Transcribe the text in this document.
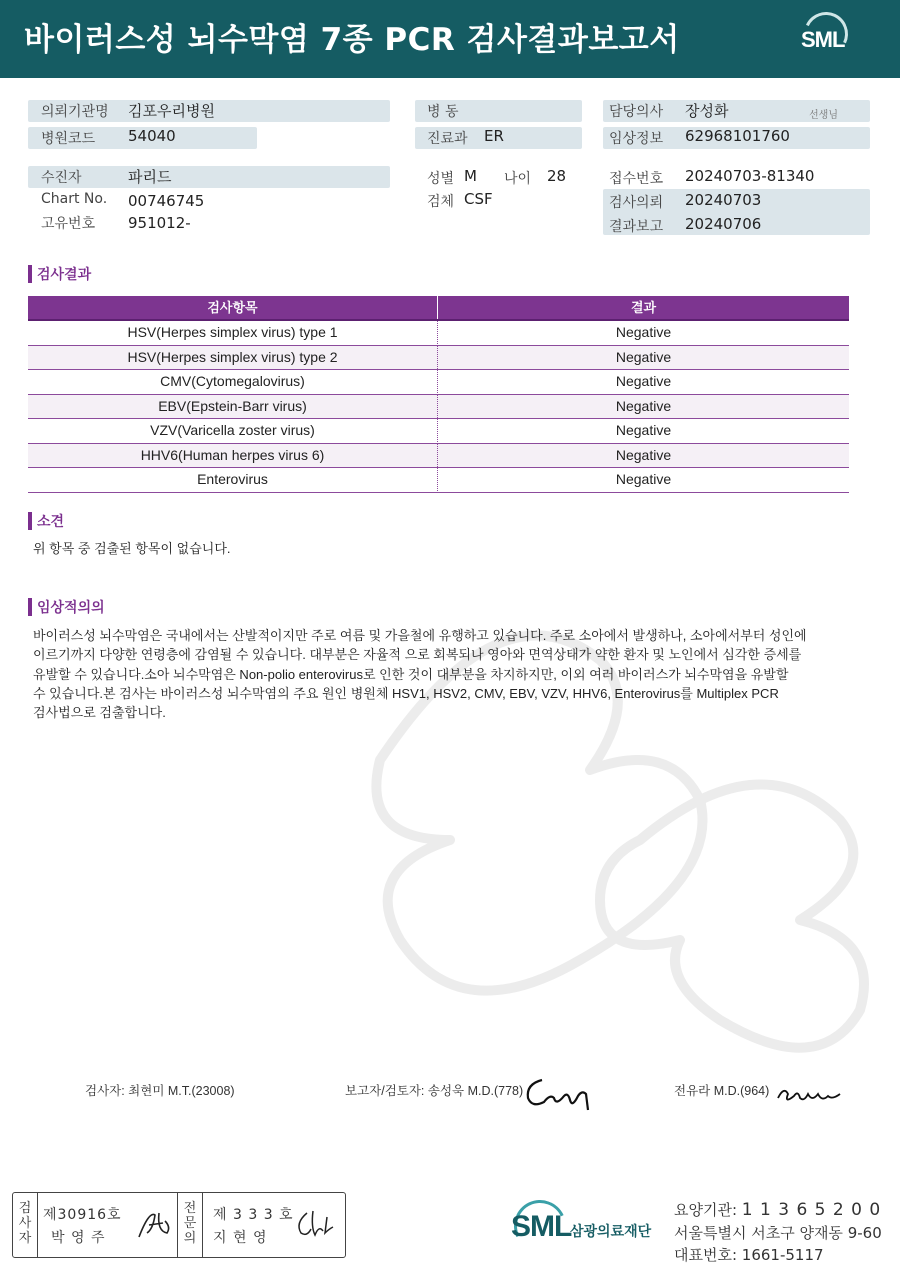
바이러스성 뇌수막염 7종 PCR 검사결과보고서	SML
의뢰기관명 김포우리병원	병 동	담당의사 장성화	선생님
병원코드 54040	진료과 ER	임상정보 62968101760
수진자	파리드	성별 M 나이 28	접수번호 20240703-81340
Chart No. 00746745	검체 CSF	검사의뢰 20240703
고유번호 951012-	결과보고 20240706
검사결과
검사항목	결과
HSV(Herpes simplex virus) type 1	Negative
HSV(Herpes simplex virus) type 2	Negative
CMV(Cytomegalovirus)	Negative
EBV(Epstein-Barr virus)	Negative
VZV(Varicella zoster virus)	Negative
HHV6(Human herpes virus 6)	Negative
Enterovirus	Negative
소견
위 항목 중 검출된 항목이 없습니다.
임상적의의
바이러스성 뇌수막염은 국내에서는 산발적이지만 주로 여름 및 가을철에 유행하고 있습니다. 주로 소아에서 발생하나, 소아에서부터 성인에
이르기까지 다양한 연령층에 감염될 수 있습니다. 대부분은 자율적 으로 회복되나 영아와 면역상태가 약한 환자 및 노인에서 심각한 증세를
유발할 수 있습니다.소아 뇌수막염은 Non-polio enterovirus로 인한 것이 대부분을 차지하지만, 이외 여러 바이러스가 뇌수막염을 유발할
수 있습니다.본 검사는 바이러스성 뇌수막염의 주요 원인 병원체 HSV1, HSV2, CMV, EBV, VZV, HHV6, Enterovirus를 Multiplex PCR
검사법으로 검출합니다.
검사자: 최현미 M.T.(23008)	보고자/검토자: 송성욱 M.D.(778)	전유라 M.D.(964)
검
사
자
제30916호
박 영 주
전
문
의
제 3 3 3 호
지 현 영	SML
삼광의료재단
요양기관: 1 1 3 6 5 2 0 0
서울특별시 서초구 양재동 9-60
대표번호: 1661-5117
